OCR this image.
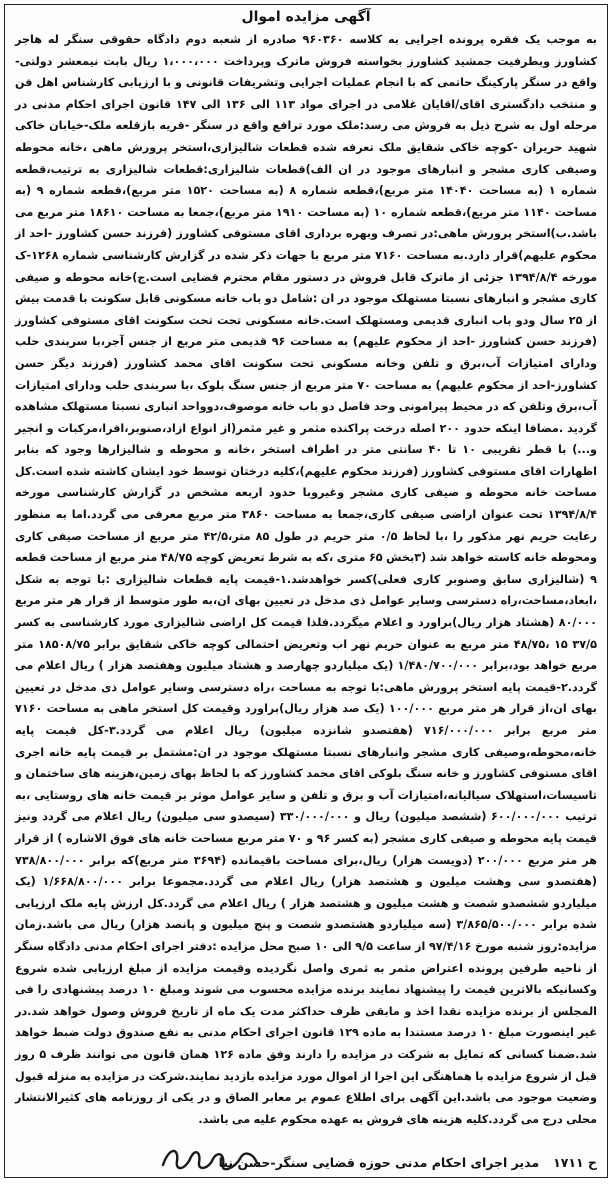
آگهی مزایده اموال

به موجب یک فقره پرونده اجرایی به کلاسه ۹۶۰۳۶۰ صادره از شعبه دوم دادگاه حقوقی سنگر له هاجر کشاورز وبطرفیت جمشید کشاورز بخواسته فروش ماترک وپرداخت ۱،۰۰۰،۰۰۰ ریال بابت نیمعشر دولتی-واقع در سنگر پارکینگ حاتمی که با انجام عملیات اجرایی وتشریفات قانونی و با ارزیابی کارشناس اهل فن و منتخب دادگستری اقای/اقایان غلامی در اجرای مواد ۱۱۳ الی ۱۳۶ الی ۱۴۷ قانون اجرای احکام مدنی در مرحله اول به شرح ذیل به فروش می رسد:ملک مورد ترافع واقع در سنگر -قریه بازقلعه ملک-خیابان خاکی شهید حریران -کوچه خاکی شقایق ملک تعرفه شده قطعات شالیزاری،استخر پرورش ماهی ،خانه محوطه وصیفی کاری مشجر و انبارهای موجود در ان الف)قطعات شالیزاری:قطعات شالیزاری به ترتیب،قطعه شماره ۱ (به مساحت ۱۴۰۴۰ متر مربع)،قطعه شماره ۸ (به مساحت ۱۵۲۰ متر مربع)،قطعه شماره ۹ (به مساحت ۱۱۴۰ متر مربع)،قطعه شماره ۱۰ (به مساحت ۱۹۱۰ متر مربع)،جمعا به مساحت ۱۸۶۱۰ متر مربع می باشد.ب)استخر پرورش ماهی:در تصرف وبهره برداری اقای مستوفی کشاورز (فرزند حسن کشاورز -احد از محکوم علیهم)قرار دارد.به مساحت ۷۱۶۰ متر مربع با جهات ذکر شده در گزارش کارشناسی شماره ۱۲۶۸-ک مورخه ۱۳۹۴/۸/۴ جزئی از ماترک قابل فروش در دستور مقام محترم قضایی است.ج)خانه محوطه و صیفی کاری مشجر و انبارهای نسبتا مستهلک موجود در ان :شامل دو باب خانه مسکونی قابل سکونت با قدمت بیش از ۲۵ سال ودو باب انباری قدیمی ومستهلک است.خانه مسکونی تحت تحت سکونت اقای مستوفی کشاورز (فرزند حسن کشاورز -احد از محکوم علیهم) به مساحت ۹۶ قدیمی متر مربع از جنس آجر،با سربندی حلب ودارای امتیازات آب،برق و تلفن وخانه مسکونی تحت سکونت اقای محمد کشاورز (فرزند دیگر حسن کشاورز-احد از محکوم علیهم) به مساحت ۷۰ متر مربع از جنس سنگ بلوک ،با سربندی حلب ودارای امتیازات آب،برق وتلفن که در محیط پیرامونی وحد فاصل دو باب خانه موصوف،دوواحد انباری نسبتا مستهلک مشاهده گردید .مضافا اینکه حدود ۲۰۰ اصله درخت پراکنده مثمر و غیر مثمر(از انواع ازاد،صنوبر،افرا،مرکبات و انجیر و...) با قطر تقریبی ۱۰ تا ۴۰ سانتی متر در اطراف استخر ،خانه و محوطه و شالیزارها وجود که بنابر اظهارات اقای مستوفی کشاورز (فرزند محکوم علیهم)،کلیه درختان توسط خود ایشان کاشته شده است.کل مساحت خانه محوطه و صیفی کاری مشجر وغیروبا حدود اربعه مشخص در گزارش کارشناسی مورخه ۱۳۹۴/۸/۴ تحت عنوان اراضی صیفی کاری،جمعا به مساحت ۳۸۶۰ متر مربع معرفی می گردد.اما به منظور رعایت حریم نهر مذکور را ،با لحاظ ۰/۵ متر حریم در طول ۸۵ متر،۴۲/۵ متر مربع از مساحت صیفی کاری ومحوطه خانه کاسته خواهد شد (۳بخش ۶۵ متری ،که به شرط تعریض کوچه ۴۸/۷۵ متر مربع از مساحت قطعه ۹ (شالیزاری سابق وصنوبر کاری فعلی)کسر خواهدشد.۱-قیمت پایه قطعات شالیزاری :با توجه به شکل ،ابعاد،مساحت،راه دسترسی وسایر عوامل ذی مدخل در تعیین بهای ان،به طور متوسط از قرار هر متر مربع ۸۰/۰۰۰ (هشتاد هزار ریال)براورد و اعلام میگردد.فلذا قیمت کل اراضی شالیزاری مورد کارشناسی به کسر ۳۷/۵ ۱۵ ،۴۸/۷۵ متر مربع به عنوان حریم نهر اب وتعریض احتمالی کوچه خاکی شقایق برابر ۱۸۵۰۸/۷۵ متر مربع خواهد بود،برابر ۱/۴۸۰/۷۰۰/۰۰۰ (یک میلیاردو چهارصد و هشتاد میلیون وهفتصد هزار ) ریال اعلام می گردد.۲-قیمت پایه استخر پرورش ماهی:با توجه به مساحت ،راه دسترسی وسایر عوامل ذی مدخل در تعیین بهای ان،از قرار هر متر مربع ۱۰۰/۰۰۰ (یک صد هزار ریال)براورد وقیمت کل استخر ماهی به مساحت ۷۱۶۰ متر مربع برابر ۷۱۶/۰۰۰/۰۰۰ (هفتصدو شانزده میلیون) ریال اعلام می گردد.۳-کل قیمت پایه خانه،محوطه،وصیفی کاری مشجر وانبارهای نسبتا مستهلک موجود در ان:مشتمل بر قیمت پایه خانه اجری اقای مستوفی کشاورز و خانه سنگ بلوکی اقای محمد کشاورز که با لحاظ بهای زمین،هزینه های ساختمان و تاسیسات،استهلاک سیالیانه،امتیازات آب و برق و تلفن و سایر عوامل موثر بر قیمت خانه های روستایی ،به ترتیب ۶۰۰/۰۰۰/۰۰۰ (ششصد میلیون) ریال و ۳۳۰/۰۰۰/۰۰۰ (سیصدو سی میلیون) ریال اعلام می گردد ونیز قیمت پایه محوطه و صیفی کاری مشجر (به کسر ۹۶ و ۷۰ متر مربع مساحت خانه های فوق الاشاره ) از قرار هر متر مربع ۲۰۰/۰۰۰ (دویست هزار) ریال،برای مساحت باقیمانده (۳۶۹۴ متر مربع)که برابر ۷۳۸/۸۰۰/۰۰۰ (هفتصدو سی وهشت میلیون و هشتصد هزار) ریال اعلام می گردد.مجموعا برابر ۱/۶۶۸/۸۰۰/۰۰۰ (یک میلیاردو ششصدو شصت و هشت میلیون و هشتصد هزار ) ریال اعلام می گردد.کل ارزش پایه ملک ارزیابی شده برابر ۳/۸۶۵/۵۰۰/۰۰۰ (سه میلیاردو هشتصدو شصت و پنج میلیون و پانصد هزار) ریال می باشد.زمان مزایده:روز شنبه مورخ ۹۷/۴/۱۶ از ساعت ۹/۵ الی ۱۰ صبح محل مزایده :دفتر اجرای احکام مدنی دادگاه سنگر از ناحیه طرفین پرونده اعتراض مثمر به ثمری واصل نگردیده وقیمت مزایده از مبلغ ارزیابی شده شروع وکسانیکه بالاترین قیمت را پیشنهاد نمایند برنده مزایده محسوب می شوند ومبلغ ۱۰ درصد پیشنهادی را فی المجلس از برنده مزایده نقدا اخذ و مابقی ظرف حداکثر مدت یک ماه از تاریخ فروش وصول خواهد شد.در غیر اینصورت مبلغ ۱۰ درصد مستندا به ماده ۱۲۹ قانون اجرای احکام مدنی به نفع صندوق دولت ضبط خواهد شد.ضمنا کسانی که تمایل به شرکت در مزایده را دارند وفق ماده ۱۲۶ همان قانون می توانند ظرف ۵ روز قبل از شروع مزایده با هماهنگی این اجرا از اموال مورد مزایده بازدید نمایند.شرکت در مزایده به منزله قبول وضعیت موجود می باشد.این آگهی برای اطلاع عموم بر معابر الصاق و در یکی از روزنامه های کثیرالانتشار محلی درج می گردد.کلیه هزینه های فروش به عهده محکوم علیه می باشد.

ح ۱۷۱۱
مدیر اجرای احکام مدنی حوزه قضایی سنگر-حسن نیا
